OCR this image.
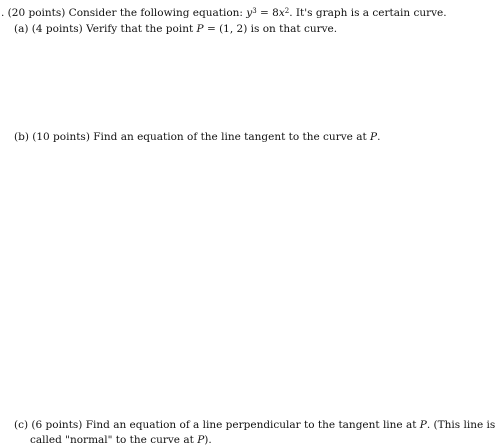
. (20 points) Consider the following equation: $y^3 = 8x^2$. It's graph is a certain curve.
(a) (4 points) Verify that the point P = (1, 2) is on that curve.
(b) (10 points) Find an equation of the line tangent to the curve at P.
(c) (6 points) Find an equation of a line perpendicular to the tangent line at P. (This line is
called "normal" to the curve at P).
